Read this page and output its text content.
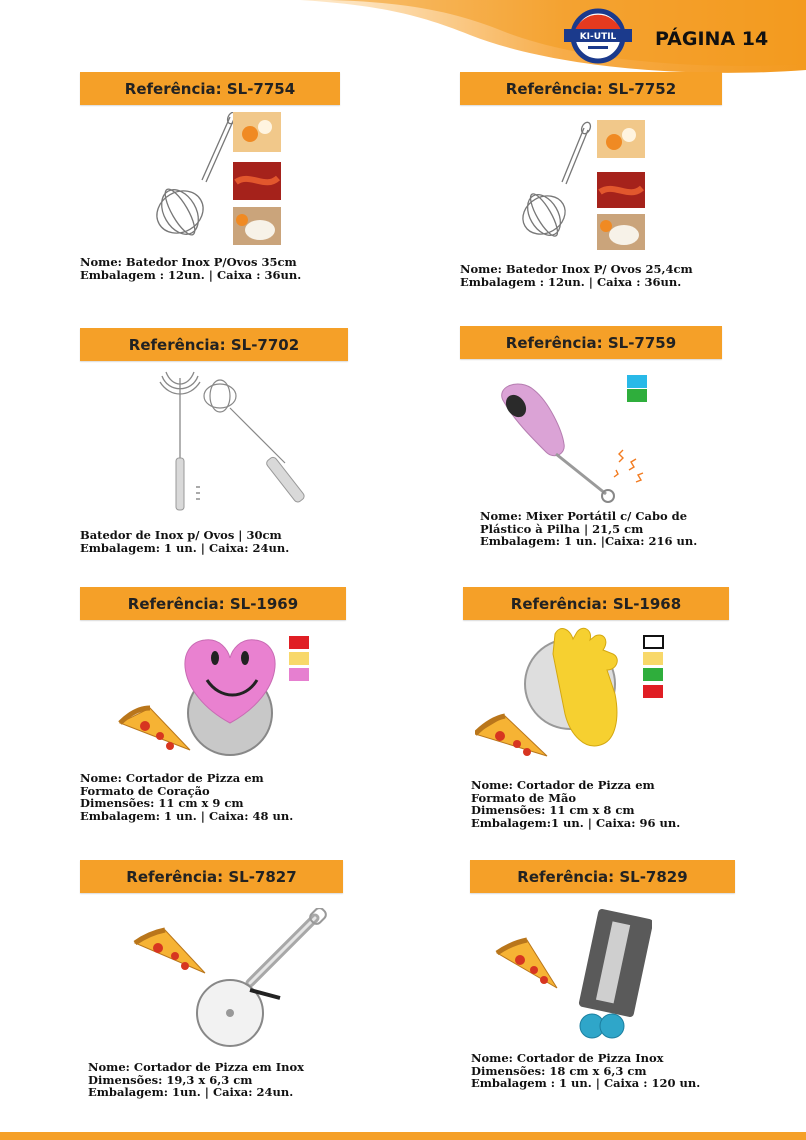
KI-UTIL PÁGINA 14
Referência: SL-7754
Nome: Batedor Inox P/Ovos 35cm
Embalagem : 12un. | Caixa : 36un.
Referência: SL-7752
Nome: Batedor Inox P/ Ovos 25,4cm
Embalagem : 12un. | Caixa : 36un.
Referência: SL-7702
Batedor de Inox p/ Ovos | 30cm
Embalagem: 1 un. | Caixa: 24un.
Referência: SL-7759
Nome: Mixer Portátil c/ Cabo de
Plástico à Pilha | 21,5 cm
Embalagem: 1 un. |Caixa: 216 un.
Referência: SL-1969
Nome: Cortador de Pizza em
Formato de Coração
Dimensões: 11 cm x 9 cm
Embalagem: 1 un. | Caixa: 48 un.
Referência: SL-1968
Nome: Cortador de Pizza em
Formato de Mão
Dimensões: 11 cm x 8 cm
Embalagem:1 un. | Caixa: 96 un.
Referência: SL-7827
Nome: Cortador de Pizza em Inox
Dimensões: 19,3 x 6,3 cm
Embalagem: 1un. | Caixa: 24un.
Referência: SL-7829
Nome: Cortador de Pizza Inox
Dimensões: 18 cm x 6,3 cm
Embalagem : 1 un. | Caixa : 120 un.
